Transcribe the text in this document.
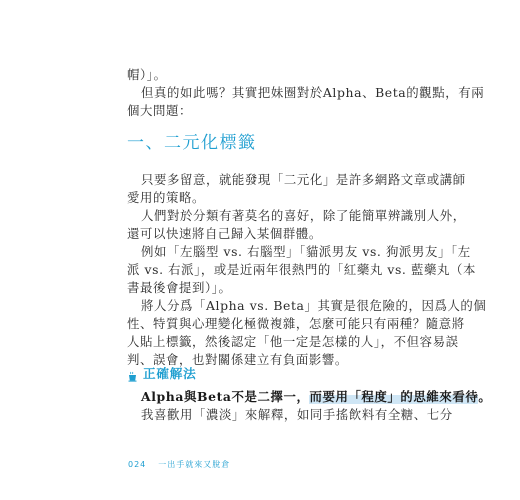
帽）」。

但真的如此嗎？其實把妹圈對於Alpha、Beta的觀點，有兩

個大問題：

一、二元化標籤

只要多留意，就能發現「二元化」是許多網路文章或講師

愛用的策略。

人們對於分類有著莫名的喜好，除了能簡單辨識別人外，

還可以快速將自己歸入某個群體。

例如「左腦型 vs. 右腦型」「貓派男友 vs. 狗派男友」「左

派 vs. 右派」，或是近兩年很熱門的「紅藥丸 vs. 藍藥丸（本

書最後會提到）」。

將人分爲「Alpha vs. Beta」其實是很危險的，因爲人的個

性、特質與心理變化極微複雜，怎麼可能只有兩種？隨意將

人貼上標籤，然後認定「他一定是怎樣的人」，不但容易誤

判、誤會，也對關係建立有負面影響。

正確解法

Alpha與Beta不是二擇一，而要用「程度」的思維來看待。

我喜歡用「濃淡」來解釋，如同手搖飲料有全糖、七分

024 一出手就來又脫倉
